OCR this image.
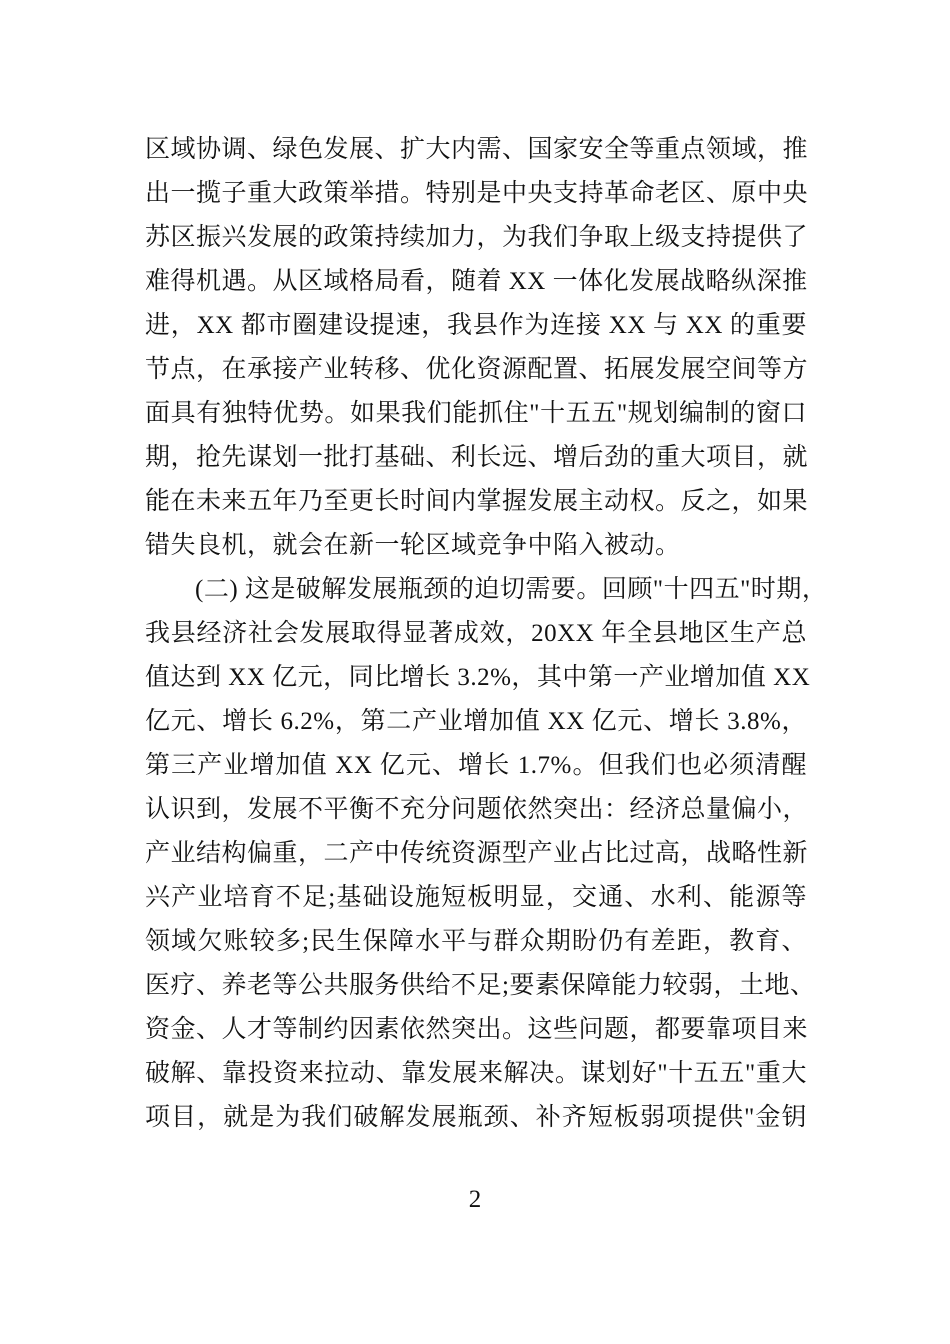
区域协调、绿色发展、扩大内需、国家安全等重点领域，推
出一揽子重大政策举措。特别是中央支持革命老区、原中央
苏区振兴发展的政策持续加力，为我们争取上级支持提供了
难得机遇。从区域格局看，随着 XX 一体化发展战略纵深推
进，XX 都市圈建设提速，我县作为连接 XX 与 XX 的重要
节点，在承接产业转移、优化资源配置、拓展发展空间等方
面具有独特优势。如果我们能抓住"十五五"规划编制的窗口
期，抢先谋划一批打基础、利长远、增后劲的重大项目，就
能在未来五年乃至更长时间内掌握发展主动权。反之，如果
错失良机，就会在新一轮区域竞争中陷入被动。
(二) 这是破解发展瓶颈的迫切需要。回顾"十四五"时期，
我县经济社会发展取得显著成效，20XX 年全县地区生产总
值达到 XX 亿元，同比增长 3.2%，其中第一产业增加值 XX
亿元、增长 6.2%，第二产业增加值 XX 亿元、增长 3.8%，
第三产业增加值 XX 亿元、增长 1.7%。但我们也必须清醒
认识到，发展不平衡不充分问题依然突出：经济总量偏小，
产业结构偏重，二产中传统资源型产业占比过高，战略性新
兴产业培育不足;基础设施短板明显，交通、水利、能源等
领域欠账较多;民生保障水平与群众期盼仍有差距，教育、
医疗、养老等公共服务供给不足;要素保障能力较弱，土地、
资金、人才等制约因素依然突出。这些问题，都要靠项目来
破解、靠投资来拉动、靠发展来解决。谋划好"十五五"重大
项目，就是为我们破解发展瓶颈、补齐短板弱项提供"金钥
2
